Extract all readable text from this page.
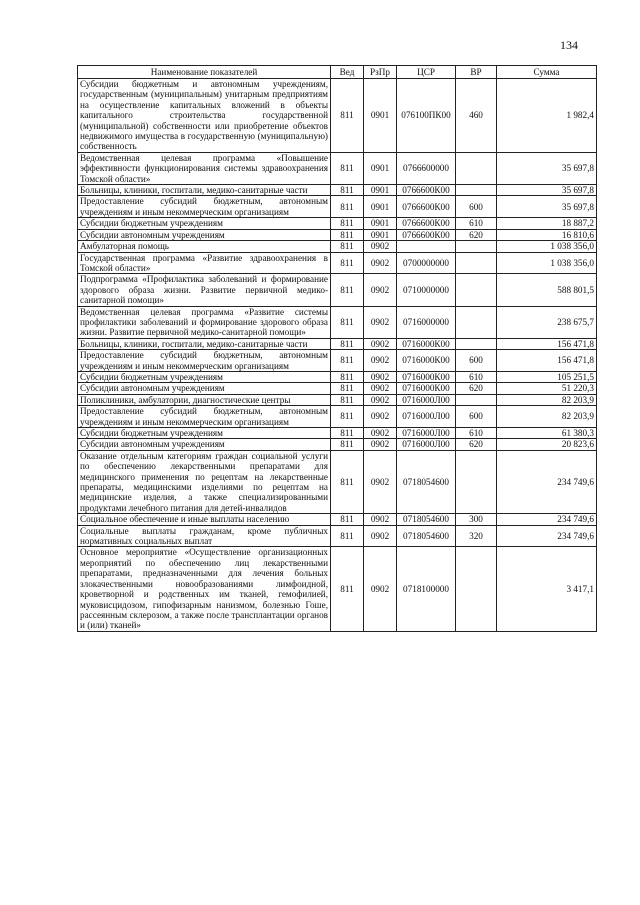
134
Наименование показателей	Вед	РзПр	ЦСР	ВР	Сумма
Субсидии бюджетным и автономным учреждениям, государственным (муниципальным) унитарным предприятиям на осуществление капитальных вложений в объекты капитального строительства государственной (муниципальной) собственности или приобретение объектов недвижимого имущества в государственную (муниципальную) собственность	811	0901	076100ПК00	460	1 982,4
Ведомственная целевая программа «Повышение эффективности функционирования системы здравоохранения Томской области»	811	0901	0766600000		35 697,8
Больницы, клиники, госпитали, медико-санитарные части	811	0901	0766600К00		35 697,8
Предоставление субсидий бюджетным, автономным учреждениям и иным некоммерческим организациям	811	0901	0766600К00	600	35 697,8
Субсидии бюджетным учреждениям	811	0901	0766600К00	610	18 887,2
Субсидии автономным учреждениям	811	0901	0766600К00	620	16 810,6
Амбулаторная помощь	811	0902			1 038 356,0
Государственная программа «Развитие здравоохранения в Томской области»	811	0902	0700000000		1 038 356,0
Подпрограмма «Профилактика заболеваний и формирование здорового образа жизни. Развитие первичной медико-санитарной помощи»	811	0902	0710000000		588 801,5
Ведомственная целевая программа «Развитие системы профилактики заболеваний и формирование здорового образа жизни. Развитие первичной медико-санитарной помощи»	811	0902	0716000000		238 675,7
Больницы, клиники, госпитали, медико-санитарные части	811	0902	0716000К00		156 471,8
Предоставление субсидий бюджетным, автономным учреждениям и иным некоммерческим организациям	811	0902	0716000К00	600	156 471,8
Субсидии бюджетным учреждениям	811	0902	0716000К00	610	105 251,5
Субсидии автономным учреждениям	811	0902	0716000К00	620	51 220,3
Поликлиники, амбулатории, диагностические центры	811	0902	0716000Л00		82 203,9
Предоставление субсидий бюджетным, автономным учреждениям и иным некоммерческим организациям	811	0902	0716000Л00	600	82 203,9
Субсидии бюджетным учреждениям	811	0902	0716000Л00	610	61 380,3
Субсидии автономным учреждениям	811	0902	0716000Л00	620	20 823,6
Оказание отдельным категориям граждан социальной услуги по обеспечению лекарственными препаратами для медицинского применения по рецептам на лекарственные препараты, медицинскими изделиями по рецептам на медицинские изделия, а также специализированными продуктами лечебного питания для детей-инвалидов	811	0902	0718054600		234 749,6
Социальное обеспечение и иные выплаты населению	811	0902	0718054600	300	234 749,6
Социальные выплаты гражданам, кроме публичных нормативных социальных выплат	811	0902	0718054600	320	234 749,6
Основное мероприятие «Осуществление организационных мероприятий по обеспечению лиц лекарственными препаратами, предназначенными для лечения больных злокачественными новообразованиями лимфоидной, кроветворной и родственных им тканей, гемофилией, муковисцидозом, гипофизарным нанизмом, болезнью Гоше, рассеянным склерозом, а также после трансплантации органов и (или) тканей»	811	0902	0718100000		3 417,1
